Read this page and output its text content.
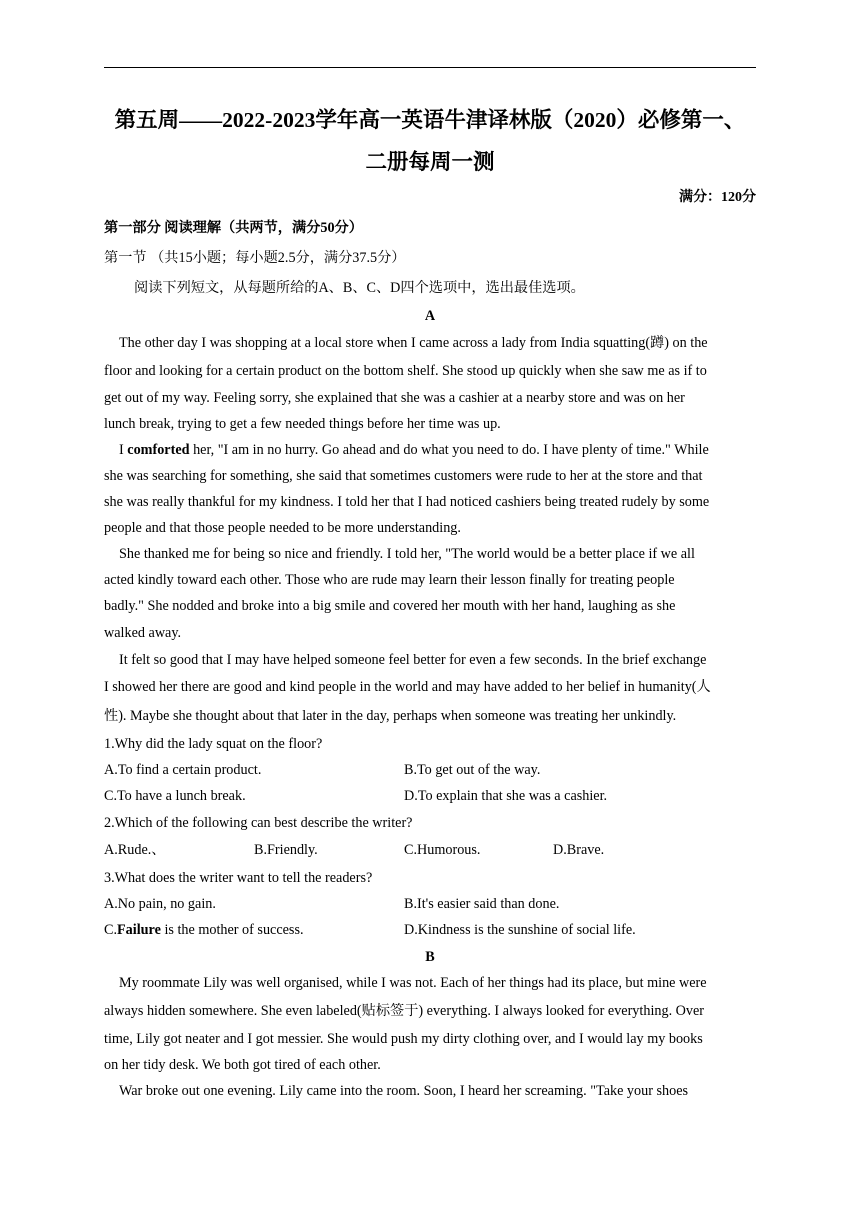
第五周——2022-2023学年高一英语牛津译林版（2020）必修第一、
二册每周一测
满分：120分
第一部分 阅读理解（共两节，满分50分）
第一节 （共15小题；每小题2.5分，满分37.5分）
阅读下列短文，从每题所给的A、B、C、D四个选项中，选出最佳选项。
A
The other day I was shopping at a local store when I came across a lady from India squatting(蹲) on the
floor and looking for a certain product on the bottom shelf. She stood up quickly when she saw me as if to
get out of my way. Feeling sorry, she explained that she was a cashier at a nearby store and was on her
lunch break, trying to get a few needed things before her time was up.
I comforted her, "I am in no hurry. Go ahead and do what you need to do. I have plenty of time." While
she was searching for something, she said that sometimes customers were rude to her at the store and that
she was really thankful for my kindness. I told her that I had noticed cashiers being treated rudely by some
people and that those people needed to be more understanding.
She thanked me for being so nice and friendly. I told her, "The world would be a better place if we all
acted kindly toward each other. Those who are rude may learn their lesson finally for treating people
badly." She nodded and broke into a big smile and covered her mouth with her hand, laughing as she
walked away.
It felt so good that I may have helped someone feel better for even a few seconds. In the brief exchange
I showed her there are good and kind people in the world and may have added to her belief in humanity(人
性). Maybe she thought about that later in the day, perhaps when someone was treating her unkindly.
1.Why did the lady squat on the floor?
A.To find a certain product.	B.To get out of the way.
C.To have a lunch break.	D.To explain that she was a cashier.
2.Which of the following can best describe the writer?
A.Rude.、	B.Friendly.	C.Humorous.	D.Brave.
3.What does the writer want to tell the readers?
A.No pain, no gain.	B.It's easier said than done.
C.Failure is the mother of success.	D.Kindness is the sunshine of social life.
B
My roommate Lily was well organised, while I was not. Each of her things had its place, but mine were
always hidden somewhere. She even labeled(贴标签于) everything. I always looked for everything. Over
time, Lily got neater and I got messier. She would push my dirty clothing over, and I would lay my books
on her tidy desk. We both got tired of each other.
War broke out one evening. Lily came into the room. Soon, I heard her screaming. "Take your shoes
